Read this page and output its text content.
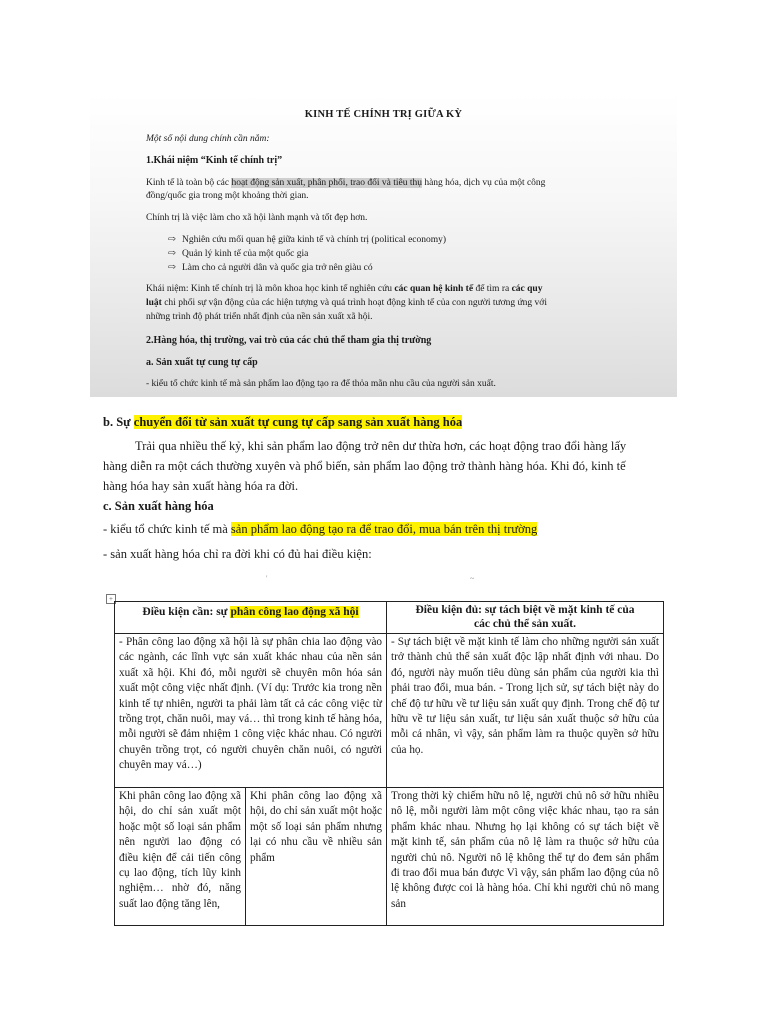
KINH TẾ CHÍNH TRỊ GIỮA KỲ
Một số nội dung chính cần nắm:
1.Khái niệm “Kinh tế chính trị”
Kinh tế là toàn bộ các hoạt động sản xuất, phân phối, trao đổi và tiêu thụ hàng hóa, dịch vụ của một công
đồng/quốc gia trong một khoảng thời gian.
Chính trị là việc làm cho xã hội lành mạnh và tốt đẹp hơn.
⇨ Nghiên cứu mối quan hệ giữa kinh tế và chính trị (political economy)
⇨ Quản lý kinh tế của một quốc gia
⇨ Làm cho cả người dân và quốc gia trở nên giàu có
Khái niệm: Kinh tế chính trị là môn khoa học kinh tế nghiên cứu các quan hệ kinh tế để tìm ra các quy
luật chi phối sự vận động của các hiện tượng và quá trình hoạt động kinh tế của con người tương ứng với
những trình độ phát triển nhất định của nền sản xuất xã hội.
2.Hàng hóa, thị trường, vai trò của các chủ thể tham gia thị trường
a. Sản xuất tự cung tự cấp
- kiểu tổ chức kinh tế mà sản phẩm lao động tạo ra để thỏa mãn nhu cầu của người sản xuất.
b. Sự chuyển đổi từ sản xuất tự cung tự cấp sang sản xuất hàng hóa
Trải qua nhiều thế kỷ, khi sản phẩm lao động trở nên dư thừa hơn, các hoạt động trao đổi hàng lấy
hàng diễn ra một cách thường xuyên và phổ biến, sản phẩm lao động trở thành hàng hóa. Khi đó, kinh tế
hàng hóa hay sản xuất hàng hóa ra đời.
c. Sản xuất hàng hóa
- kiểu tổ chức kinh tế mà sản phẩm lao động tạo ra để trao đổi, mua bán trên thị trường
- sản xuất hàng hóa chỉ ra đời khi có đủ hai điều kiện:
'	~
+
Điều kiện cần: sự phân công lao động xã hội	Điều kiện đủ: sự tách biệt về mặt kinh tế của
các chủ thể sản xuất.
- Phân công lao động xã hội là sự phân chia lao động vào các ngành, các lĩnh vực sản xuất khác nhau của nền sản xuất xã hội. Khi đó, mỗi người sẽ chuyên môn hóa sản xuất một công việc nhất định. (Ví dụ: Trước kia trong nền kinh tế tự nhiên, người ta phải làm tất cả các công việc từ trồng trọt, chăn nuôi, may vá… thì trong kinh tế hàng hóa, mỗi người sẽ đảm nhiệm 1 công việc khác nhau. Có người chuyên trồng trọt, có người chuyên chăn nuôi, có người chuyên may vá…)
- Sự tách biệt về mặt kinh tế làm cho những người sản xuất trở thành chủ thể sản xuất độc lập nhất định với nhau. Do đó, người này muốn tiêu dùng sản phẩm của người kia thì phải trao đổi, mua bán. - Trong lịch sử, sự tách biệt này do chế độ tư hữu về tư liệu sản xuất quy định. Trong chế độ tư hữu về tư liệu sản xuất, tư liệu sản xuất thuộc sở hữu của mỗi cá nhân, vì vậy, sản phẩm làm ra thuộc quyền sở hữu của họ.
Khi phân công lao động xã hội, do chỉ sản xuất một hoặc một số loại sản phẩm nên người lao động có điều kiện để cải tiến công cụ lao động, tích lũy kinh nghiệm… nhờ đó, năng suất lao động tăng lên,
Khi phân công lao động xã hội, do chỉ sản xuất một hoặc một số loại sản phẩm nhưng lại có nhu cầu về nhiều sản phẩm
Trong thời kỳ chiếm hữu nô lệ, người chủ nô sở hữu nhiều nô lệ, mỗi người làm một công việc khác nhau, tạo ra sản phẩm khác nhau. Nhưng họ lại không có sự tách biệt về mặt kinh tế, sản phẩm của nô lệ làm ra thuộc sở hữu của người chủ nô. Người nô lệ không thể tự do đem sản phẩm đi trao đổi mua bán được Vì vậy, sản phẩm lao động của nô lệ không được coi là hàng hóa. Chỉ khi người chủ nô mang sản
